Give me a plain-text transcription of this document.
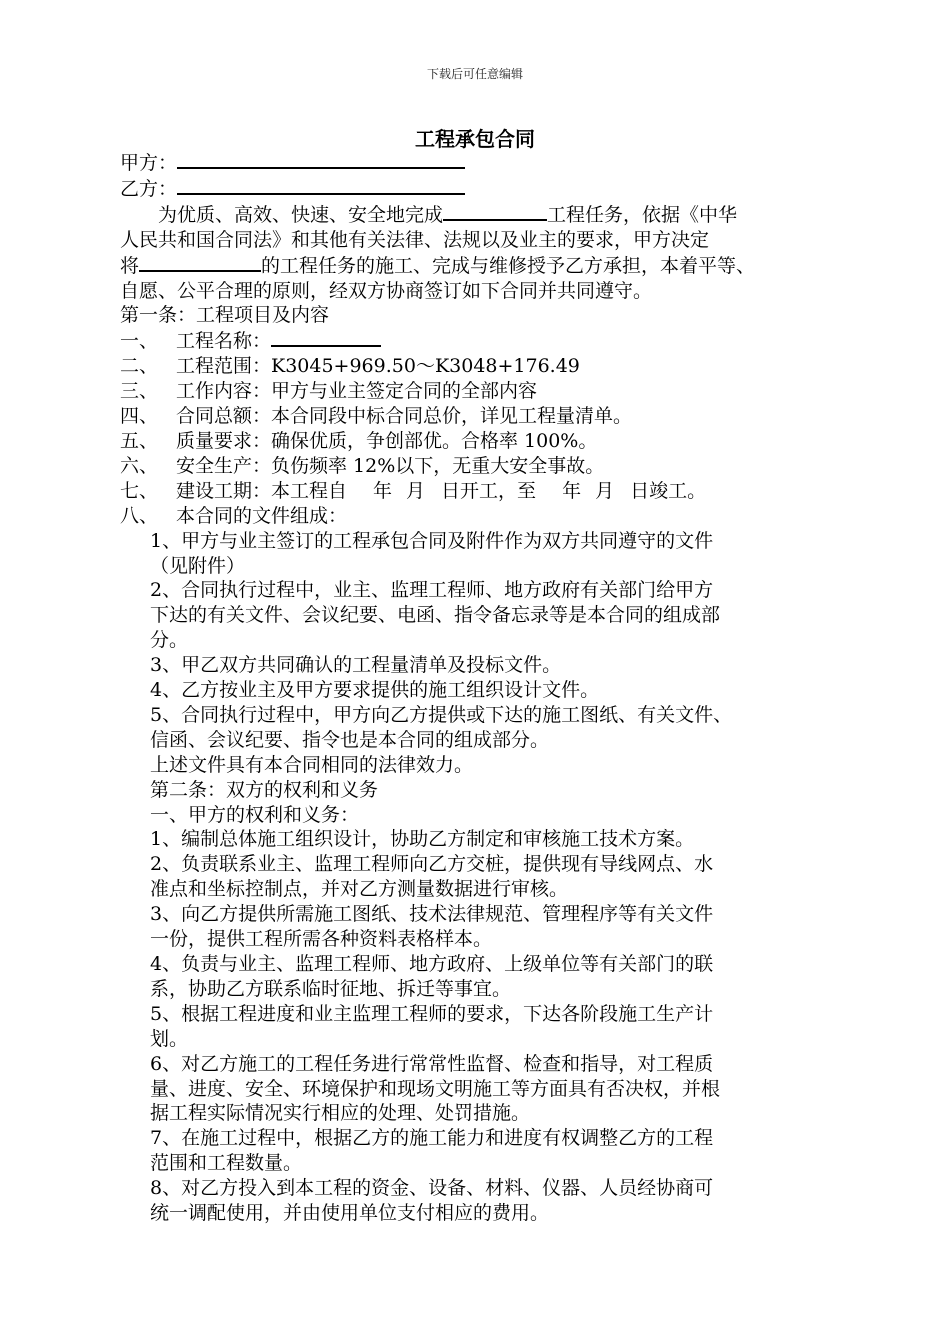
下载后可任意编辑
工程承包合同
甲方：
乙方：
为优质、高效、快速、安全地完成	工程任务，依据《中华
人民共和国合同法》和其他有关法律、法规以及业主的要求，甲方决定
将	的工程任务的施工、完成与维修授予乙方承担，本着平等、
自愿、公平合理的原则，经双方协商签订如下合同并共同遵守。
第一条：工程项目及内容
一、 工程名称：
二、 工程范围：K3045+969.50～K3048+176.49
三、 工作内容：甲方与业主签定合同的全部内容
四、 合同总额：本合同段中标合同总价，详见工程量清单。
五、 质量要求：确保优质，争创部优。合格率 100%。
六、 安全生产：负伤频率 12%以下，无重大安全事故。
七、 建设工期：本工程自 年 月 日开工，至 年 月 日竣工。
八、 本合同的文件组成：
1、甲方与业主签订的工程承包合同及附件作为双方共同遵守的文件
（见附件）
2、合同执行过程中，业主、监理工程师、地方政府有关部门给甲方
下达的有关文件、会议纪要、电函、指令备忘录等是本合同的组成部
分。
3、甲乙双方共同确认的工程量清单及投标文件。
4、乙方按业主及甲方要求提供的施工组织设计文件。
5、合同执行过程中，甲方向乙方提供或下达的施工图纸、有关文件、
信函、会议纪要、指令也是本合同的组成部分。
上述文件具有本合同相同的法律效力。
第二条：双方的权利和义务
一、甲方的权利和义务：
1、编制总体施工组织设计，协助乙方制定和审核施工技术方案。
2、负责联系业主、监理工程师向乙方交桩，提供现有导线网点、水
准点和坐标控制点，并对乙方测量数据进行审核。
3、向乙方提供所需施工图纸、技术法律规范、管理程序等有关文件
一份，提供工程所需各种资料表格样本。
4、负责与业主、监理工程师、地方政府、上级单位等有关部门的联
系，协助乙方联系临时征地、拆迁等事宜。
5、根据工程进度和业主监理工程师的要求，下达各阶段施工生产计
划。
6、对乙方施工的工程任务进行常常性监督、检查和指导，对工程质
量、进度、安全、环境保护和现场文明施工等方面具有否决权，并根
据工程实际情况实行相应的处理、处罚措施。
7、在施工过程中，根据乙方的施工能力和进度有权调整乙方的工程
范围和工程数量。
8、对乙方投入到本工程的资金、设备、材料、仪器、人员经协商可
统一调配使用，并由使用单位支付相应的费用。
